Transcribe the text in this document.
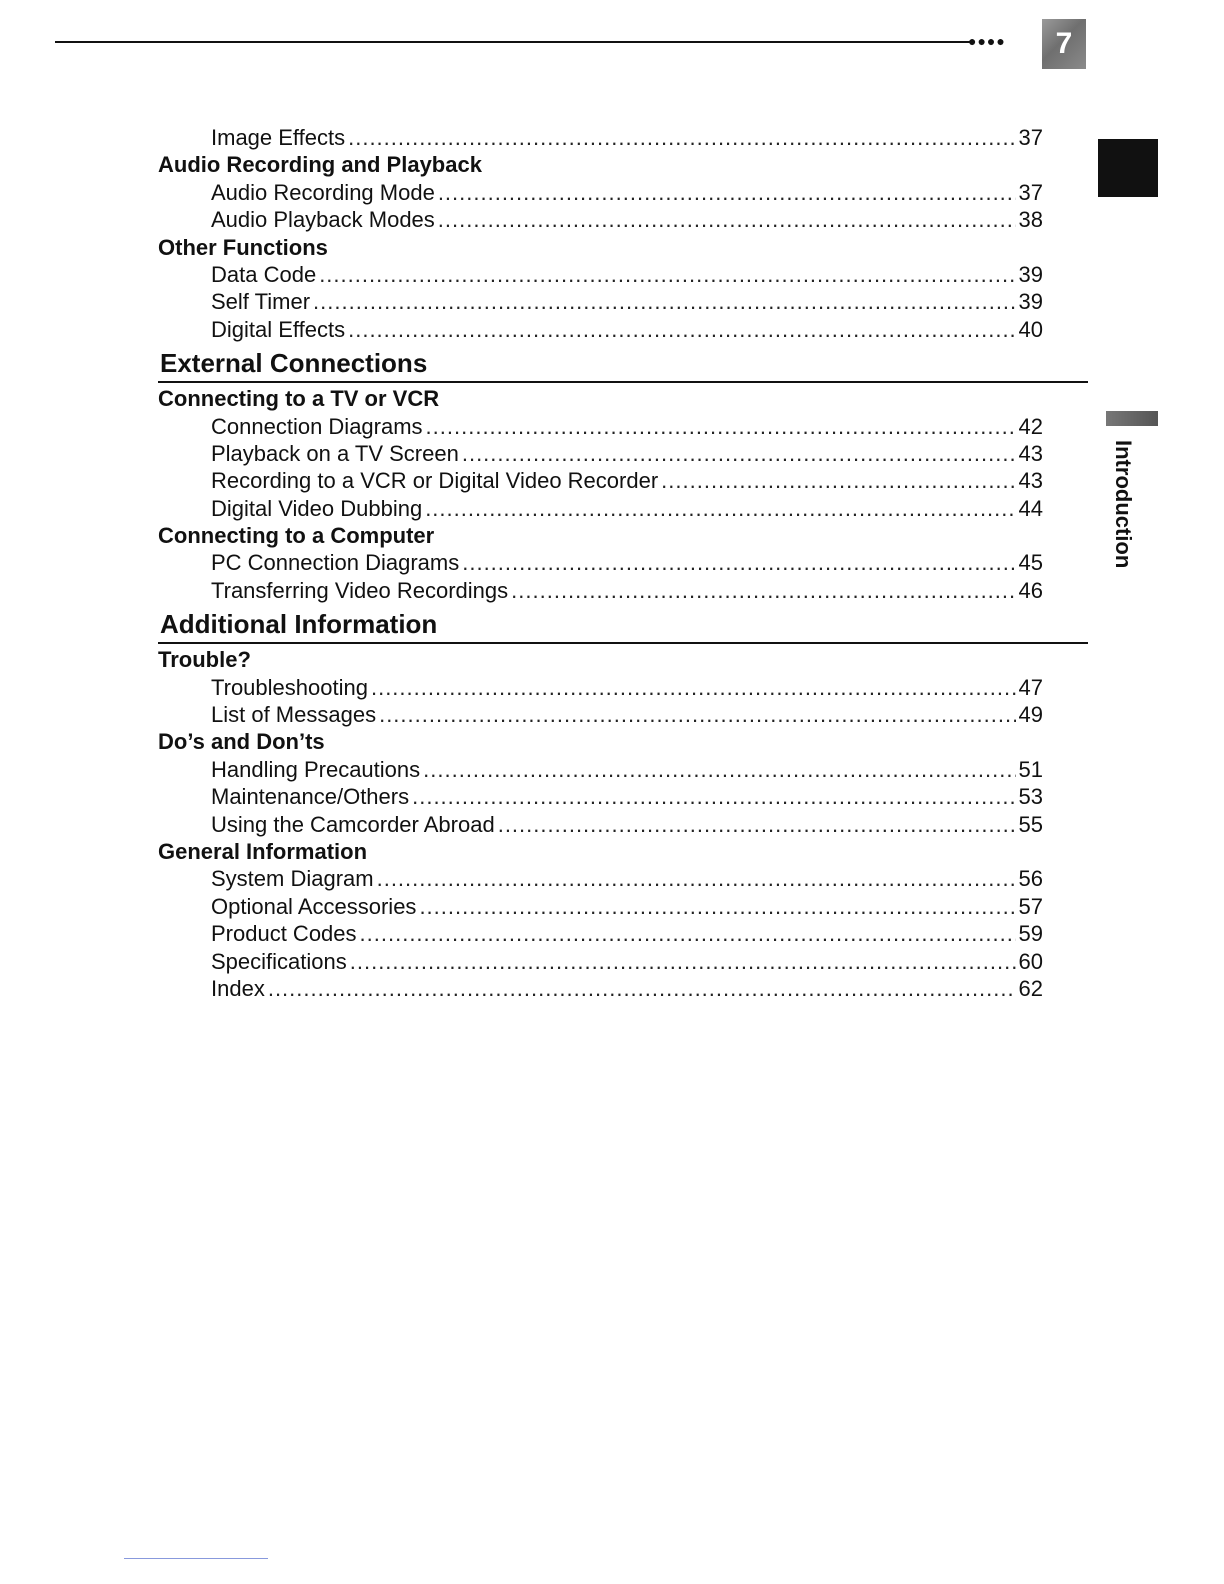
●●●●	7
Introduction
Image Effects .....	37
Audio Recording and Playback
Audio Recording Mode .....	37
Audio Playback Modes .....	38
Other Functions
Data Code .....	39
Self Timer .....	39
Digital Effects .....	40
External Connections
Connecting to a TV or VCR
Connection Diagrams .....	42
Playback on a TV Screen .....	43
Recording to a VCR or Digital Video Recorder .....	43
Digital Video Dubbing .....	44
Connecting to a Computer
PC Connection Diagrams .....	45
Transferring Video Recordings .....	46
Additional Information
Trouble?
Troubleshooting .....	47
List of Messages .....	49
Do’s and Don’ts
Handling Precautions .....	51
Maintenance/Others .....	53
Using the Camcorder Abroad .....	55
General Information
System Diagram .....	56
Optional Accessories .....	57
Product Codes .....	59
Specifications .....	60
Index .....	62
